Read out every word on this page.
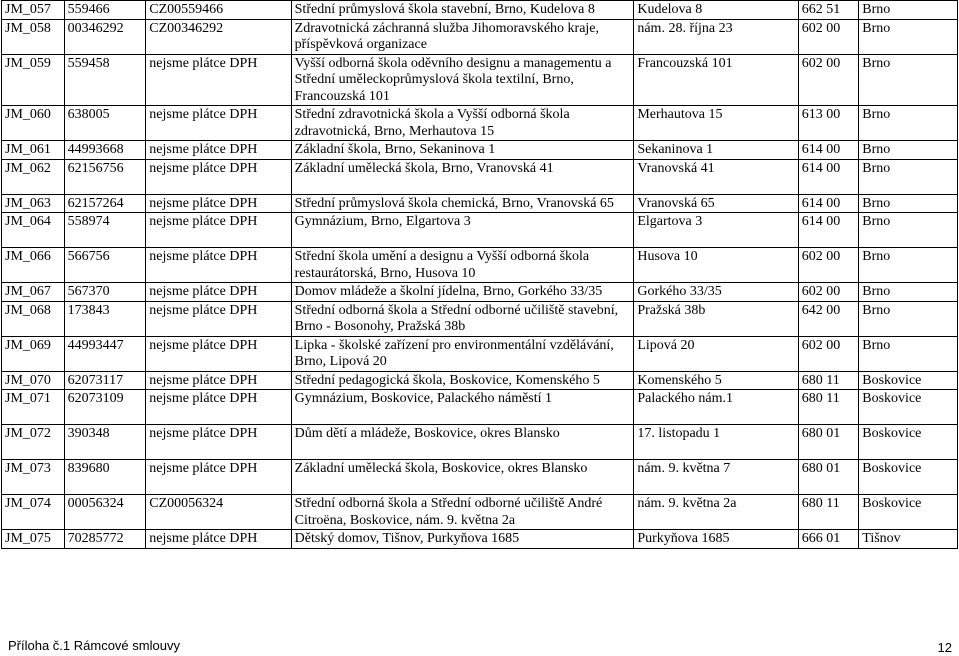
JM_057	559466	CZ00559466	Střední průmyslová škola stavební, Brno, Kudelova 8	Kudelova 8	662 51	Brno
JM_058	00346292	CZ00346292	Zdravotnická záchranná služba Jihomoravského kraje, příspěvková organizace	nám. 28. října 23	602 00	Brno
JM_059	559458	nejsme plátce DPH	Vyšší odborná škola oděvního designu a managementu a Střední uměleckoprůmyslová škola textilní, Brno, Francouzská 101	Francouzská 101	602 00	Brno
JM_060	638005	nejsme plátce DPH	Střední zdravotnická škola a Vyšší odborná škola zdravotnická, Brno, Merhautova 15	Merhautova 15	613 00	Brno
JM_061	44993668	nejsme plátce DPH	Základní škola, Brno, Sekaninova 1	Sekaninova 1	614 00	Brno
JM_062	62156756	nejsme plátce DPH	Základní umělecká škola, Brno, Vranovská 41	Vranovská 41	614 00	Brno
JM_063	62157264	nejsme plátce DPH	Střední průmyslová škola chemická, Brno, Vranovská 65	Vranovská 65	614 00	Brno
JM_064	558974	nejsme plátce DPH	Gymnázium, Brno, Elgartova 3	Elgartova 3	614 00	Brno
JM_066	566756	nejsme plátce DPH	Střední škola umění a designu a Vyšší odborná škola restaurátorská, Brno, Husova 10	Husova 10	602 00	Brno
JM_067	567370	nejsme plátce DPH	Domov mládeže a školní jídelna, Brno, Gorkého 33/35	Gorkého 33/35	602 00	Brno
JM_068	173843	nejsme plátce DPH	Střední odborná škola a Střední odborné učiliště stavební, Brno - Bosonohy, Pražská 38b	Pražská 38b	642 00	Brno
JM_069	44993447	nejsme plátce DPH	Lipka - školské zařízení pro environmentální vzdělávání, Brno, Lipová 20	Lipová 20	602 00	Brno
JM_070	62073117	nejsme plátce DPH	Střední pedagogická škola, Boskovice, Komenského 5	Komenského 5	680 11	Boskovice
JM_071	62073109	nejsme plátce DPH	Gymnázium, Boskovice, Palackého náměstí 1	Palackého nám.1	680 11	Boskovice
JM_072	390348	nejsme plátce DPH	Dům dětí a mládeže, Boskovice, okres Blansko	17. listopadu 1	680 01	Boskovice
JM_073	839680	nejsme plátce DPH	Základní umělecká škola, Boskovice, okres Blansko	nám. 9. května 7	680 01	Boskovice
JM_074	00056324	CZ00056324	Střední odborná škola a Střední odborné učiliště André Citroëna, Boskovice, nám. 9. května 2a	nám. 9. května 2a	680 11	Boskovice
JM_075	70285772	nejsme plátce DPH	Dětský domov, Tišnov, Purkyňova 1685	Purkyňova 1685	666 01	Tišnov
Příloha č.1 Rámcové smlouvy	12
